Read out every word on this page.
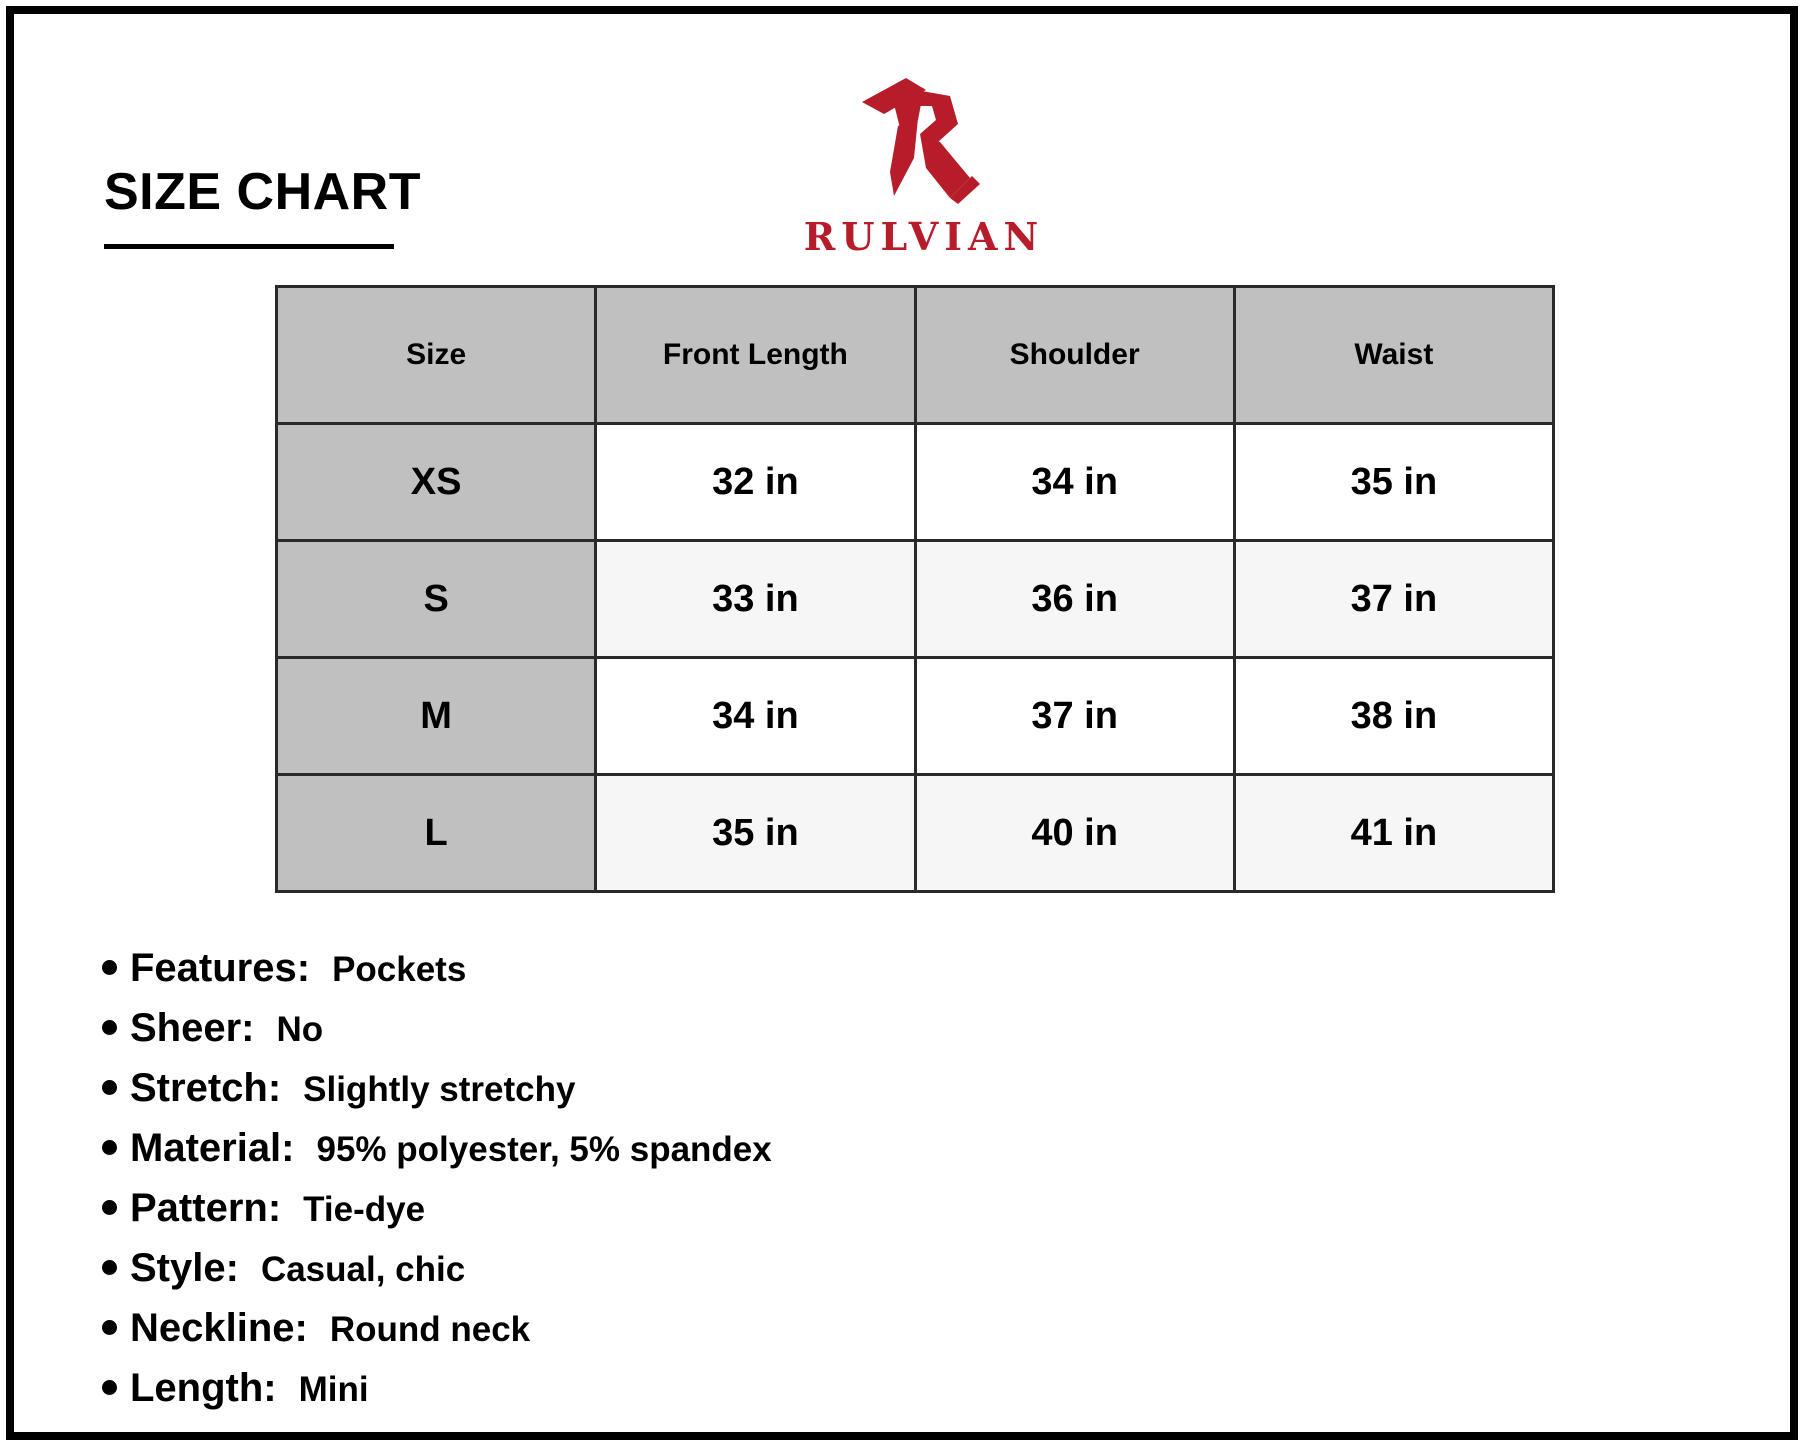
SIZE CHART
RULVIAN
Size	Front Length	Shoulder	Waist
XS	32 in	34 in	35 in
S	33 in	36 in	37 in
M	34 in	37 in	38 in
L	35 in	40 in	41 in
Features: Pockets
Sheer: No
Stretch: Slightly stretchy
Material: 95% polyester, 5% spandex
Pattern: Tie-dye
Style: Casual, chic
Neckline: Round neck
Length: Mini
